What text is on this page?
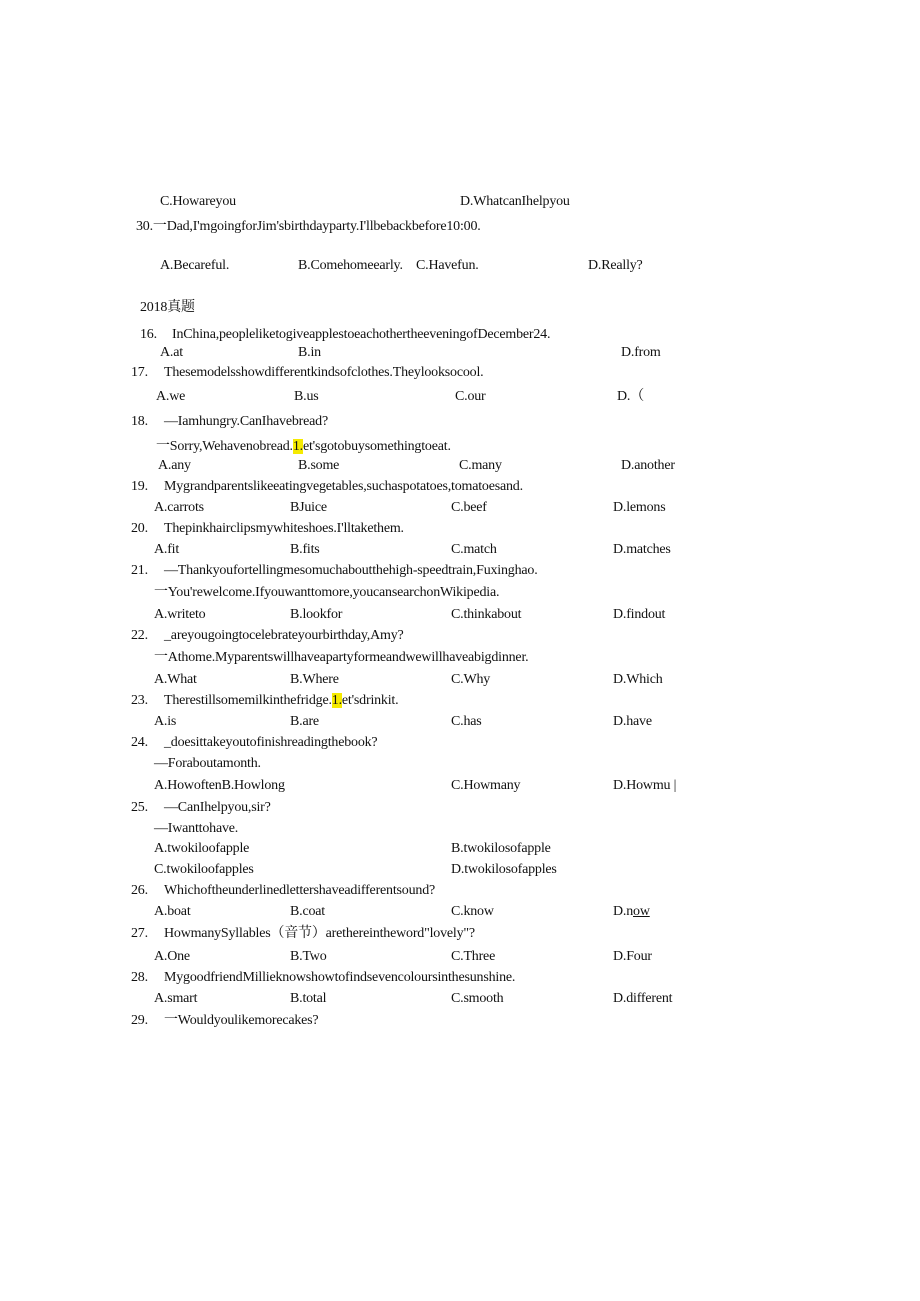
C.Howareyou	D.WhatcanIhelpyou
30.一Dad,I'mgoingforJim'sbirthdayparty.I'llbebackbefore10:00.
A.Becareful.	B.Comehomeearly. C.Havefun.	D.Really?
2018真题
16. InChina,peopleliketogiveapplestoeachothertheeveningofDecember24.
A.at	B.in	D.from
17. Thesemodelsshowdifferentkindsofclothes.Theylooksocool.
A.we	B.us	C.our	D.（
18. —Iamhungry.CanIhavebread?
一Sorry,Wehavenobread.1.et'sgotobuysomethingtoeat.
A.any	B.some	C.many	D.another
19. Mygrandparentslikeeatingvegetables,suchaspotatoes,tomatoesand.
A.carrots	BJuice	C.beef	D.lemons
20. Thepinkhairclipsmywhiteshoes.I'lltakethem.
A.fit	B.fits	C.match	D.matches
21. —Thankyoufortellingmesomuchaboutthehigh-speedtrain,Fuxinghao.
一You'rewelcome.Ifyouwanttomore,youcansearchonWikipedia.
A.writeto	B.lookfor	C.thinkabout	D.findout
22. _areyougoingtocelebrateyourbirthday,Amy?
一Athome.Myparentswillhaveapartyformeandwewillhaveabigdinner.
A.What	B.Where	C.Why	D.Which
23. Therestillsomemilkinthefridge.1.et'sdrinkit.
A.is	B.are	C.has	D.have
24. _doesittakeyoutofinishreadingthebook?
—Foraboutamonth.
A.HowoftenB.Howlong	C.Howmany	D.Howmu |
25. —CanIhelpyou,sir?
—Iwanttohave.
A.twokiloofapple	B.twokilosofapple
C.twokiloofapples	D.twokilosofapples
26. Whichoftheunderlinedlettershaveadifferentsound?
A.boat	B.coat	C.know	D.now
27. HowmanySyllables（音节）arethereintheword"lovely"?
A.One	B.Two	C.Three	D.Four
28. MygoodfriendMillieknowshowtofindsevencoloursinthesunshine.
A.smart	B.total	C.smooth	D.different
29. 一Wouldyoulikemorecakes?
